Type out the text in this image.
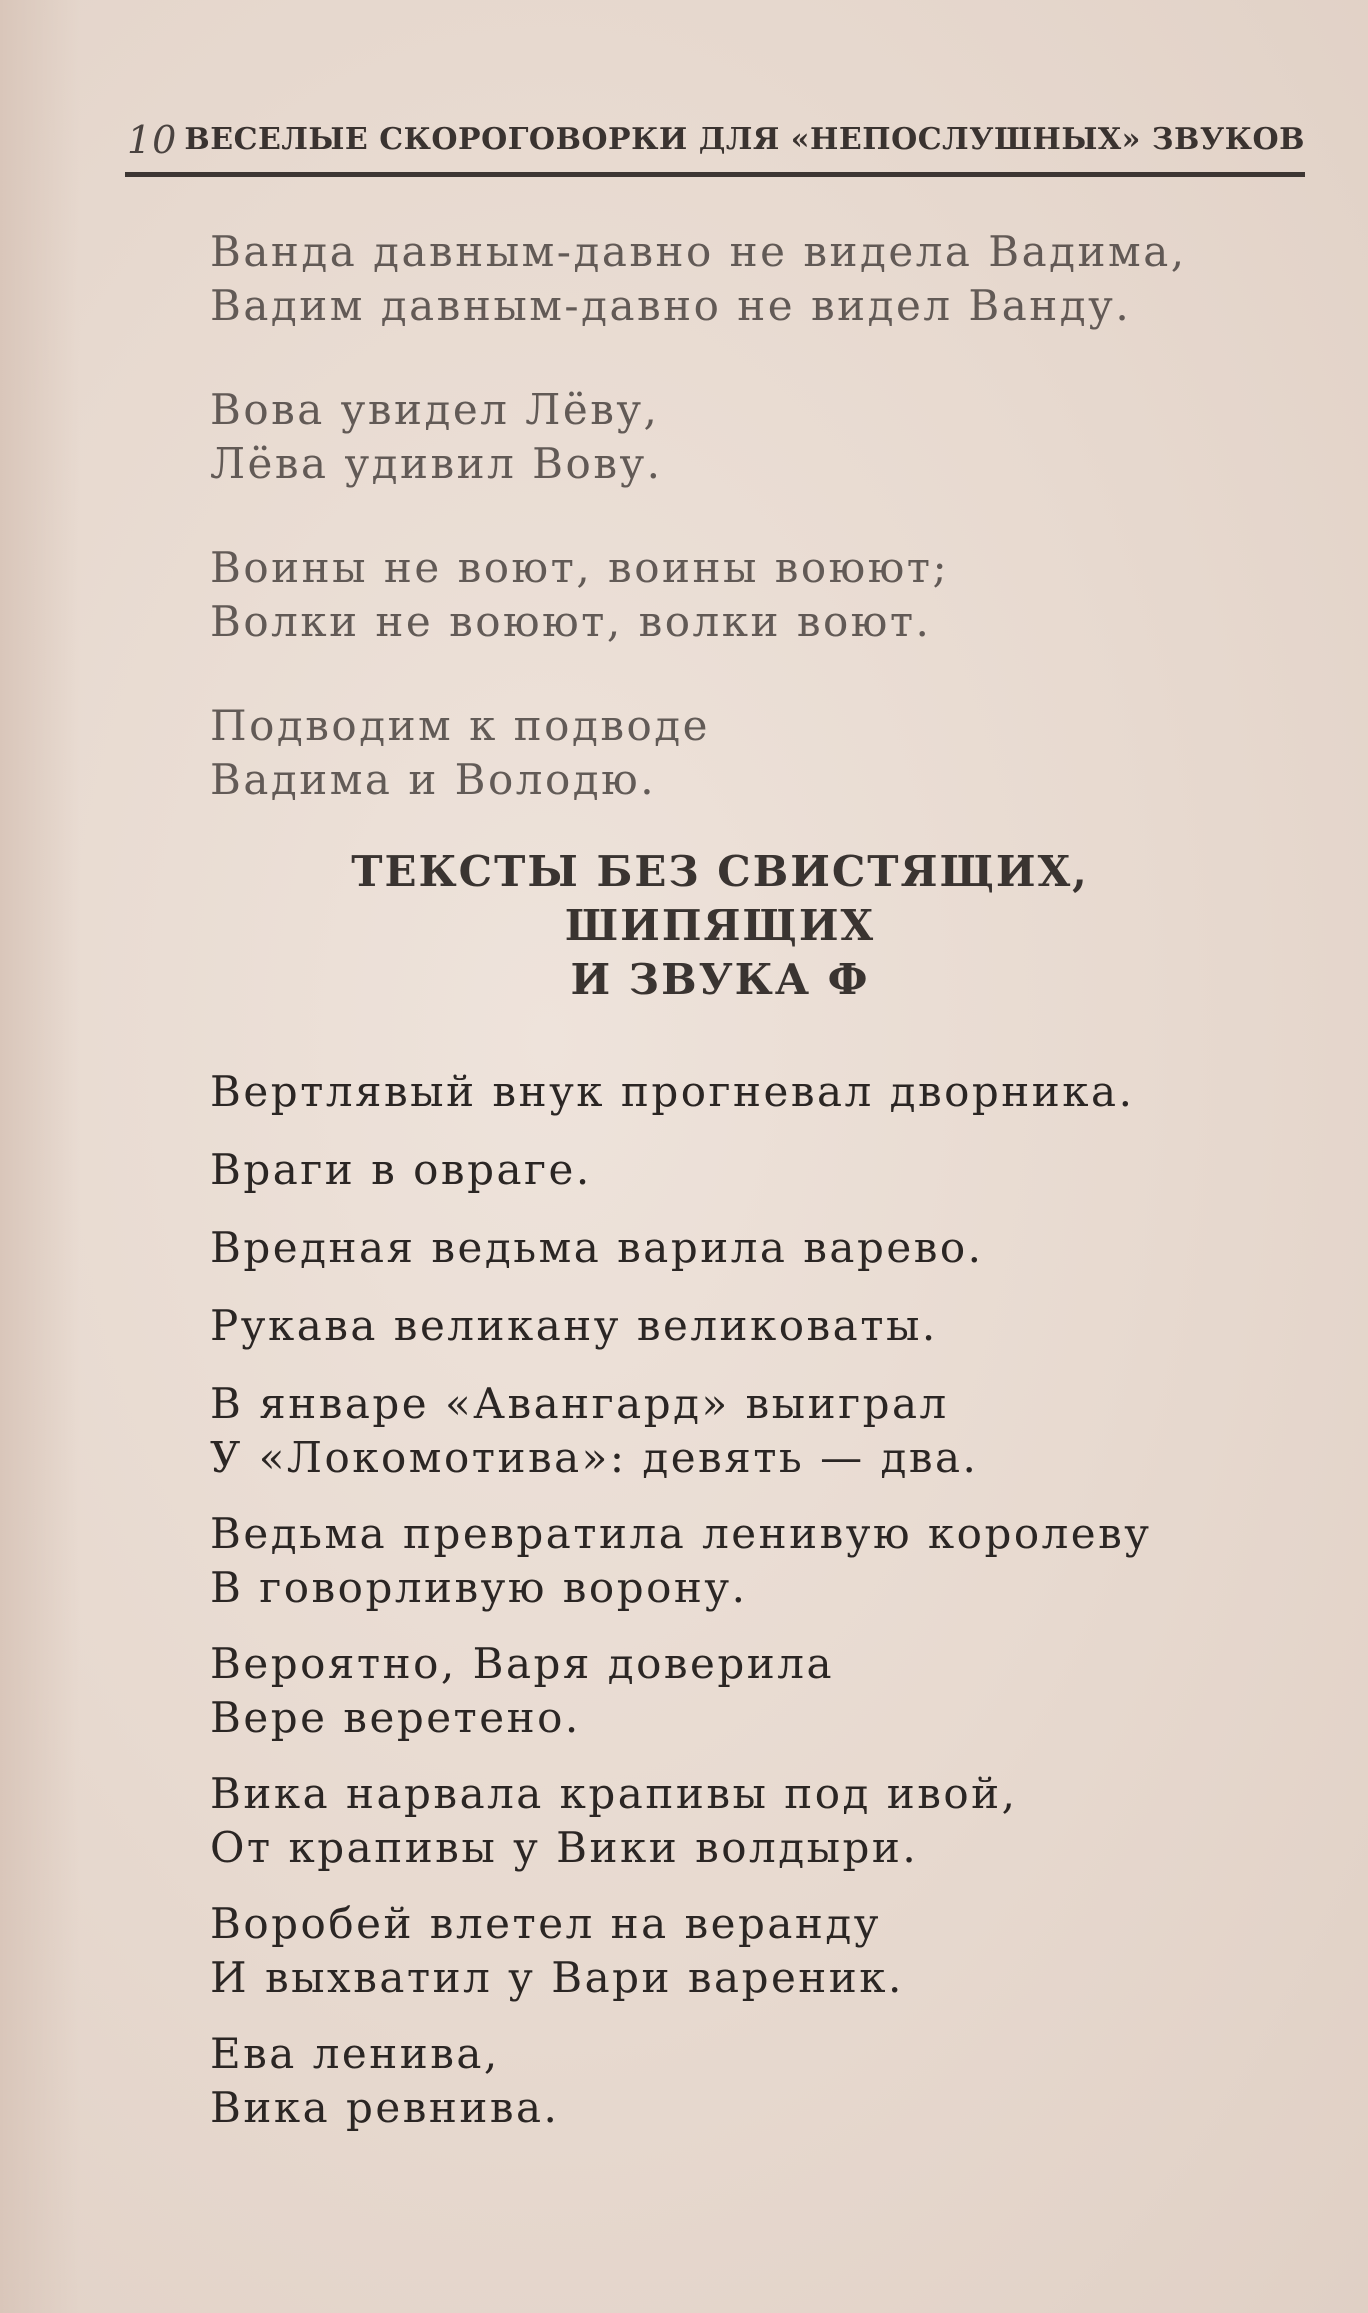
10 ВЕСЕЛЫЕ СКОРОГОВОРКИ ДЛЯ «НЕПОСЛУШНЫХ» ЗВУКОВ

Ванда давным-давно не видела Вадима,
Вадим давным-давно не видел Ванду.

Вова увидел Лёву,
Лёва удивил Вову.

Воины не воют, воины воюют;
Волки не воюют, волки воют.

Подводим к подводе
Вадима и Володю.

ТЕКСТЫ БЕЗ СВИСТЯЩИХ, ШИПЯЩИХ
И ЗВУКА Ф

Вертлявый внук прогневал дворника.

Враги в овраге.

Вредная ведьма варила варево.

Рукава великану великоваты.

В январе «Авангард» выиграл
У «Локомотива»: девять — два.

Ведьма превратила ленивую королеву
В говорливую ворону.

Вероятно, Варя доверила
Вере веретено.

Вика нарвала крапивы под ивой,
От крапивы у Вики волдыри.

Воробей влетел на веранду
И выхватил у Вари вареник.

Ева ленива,
Вика ревнива.
